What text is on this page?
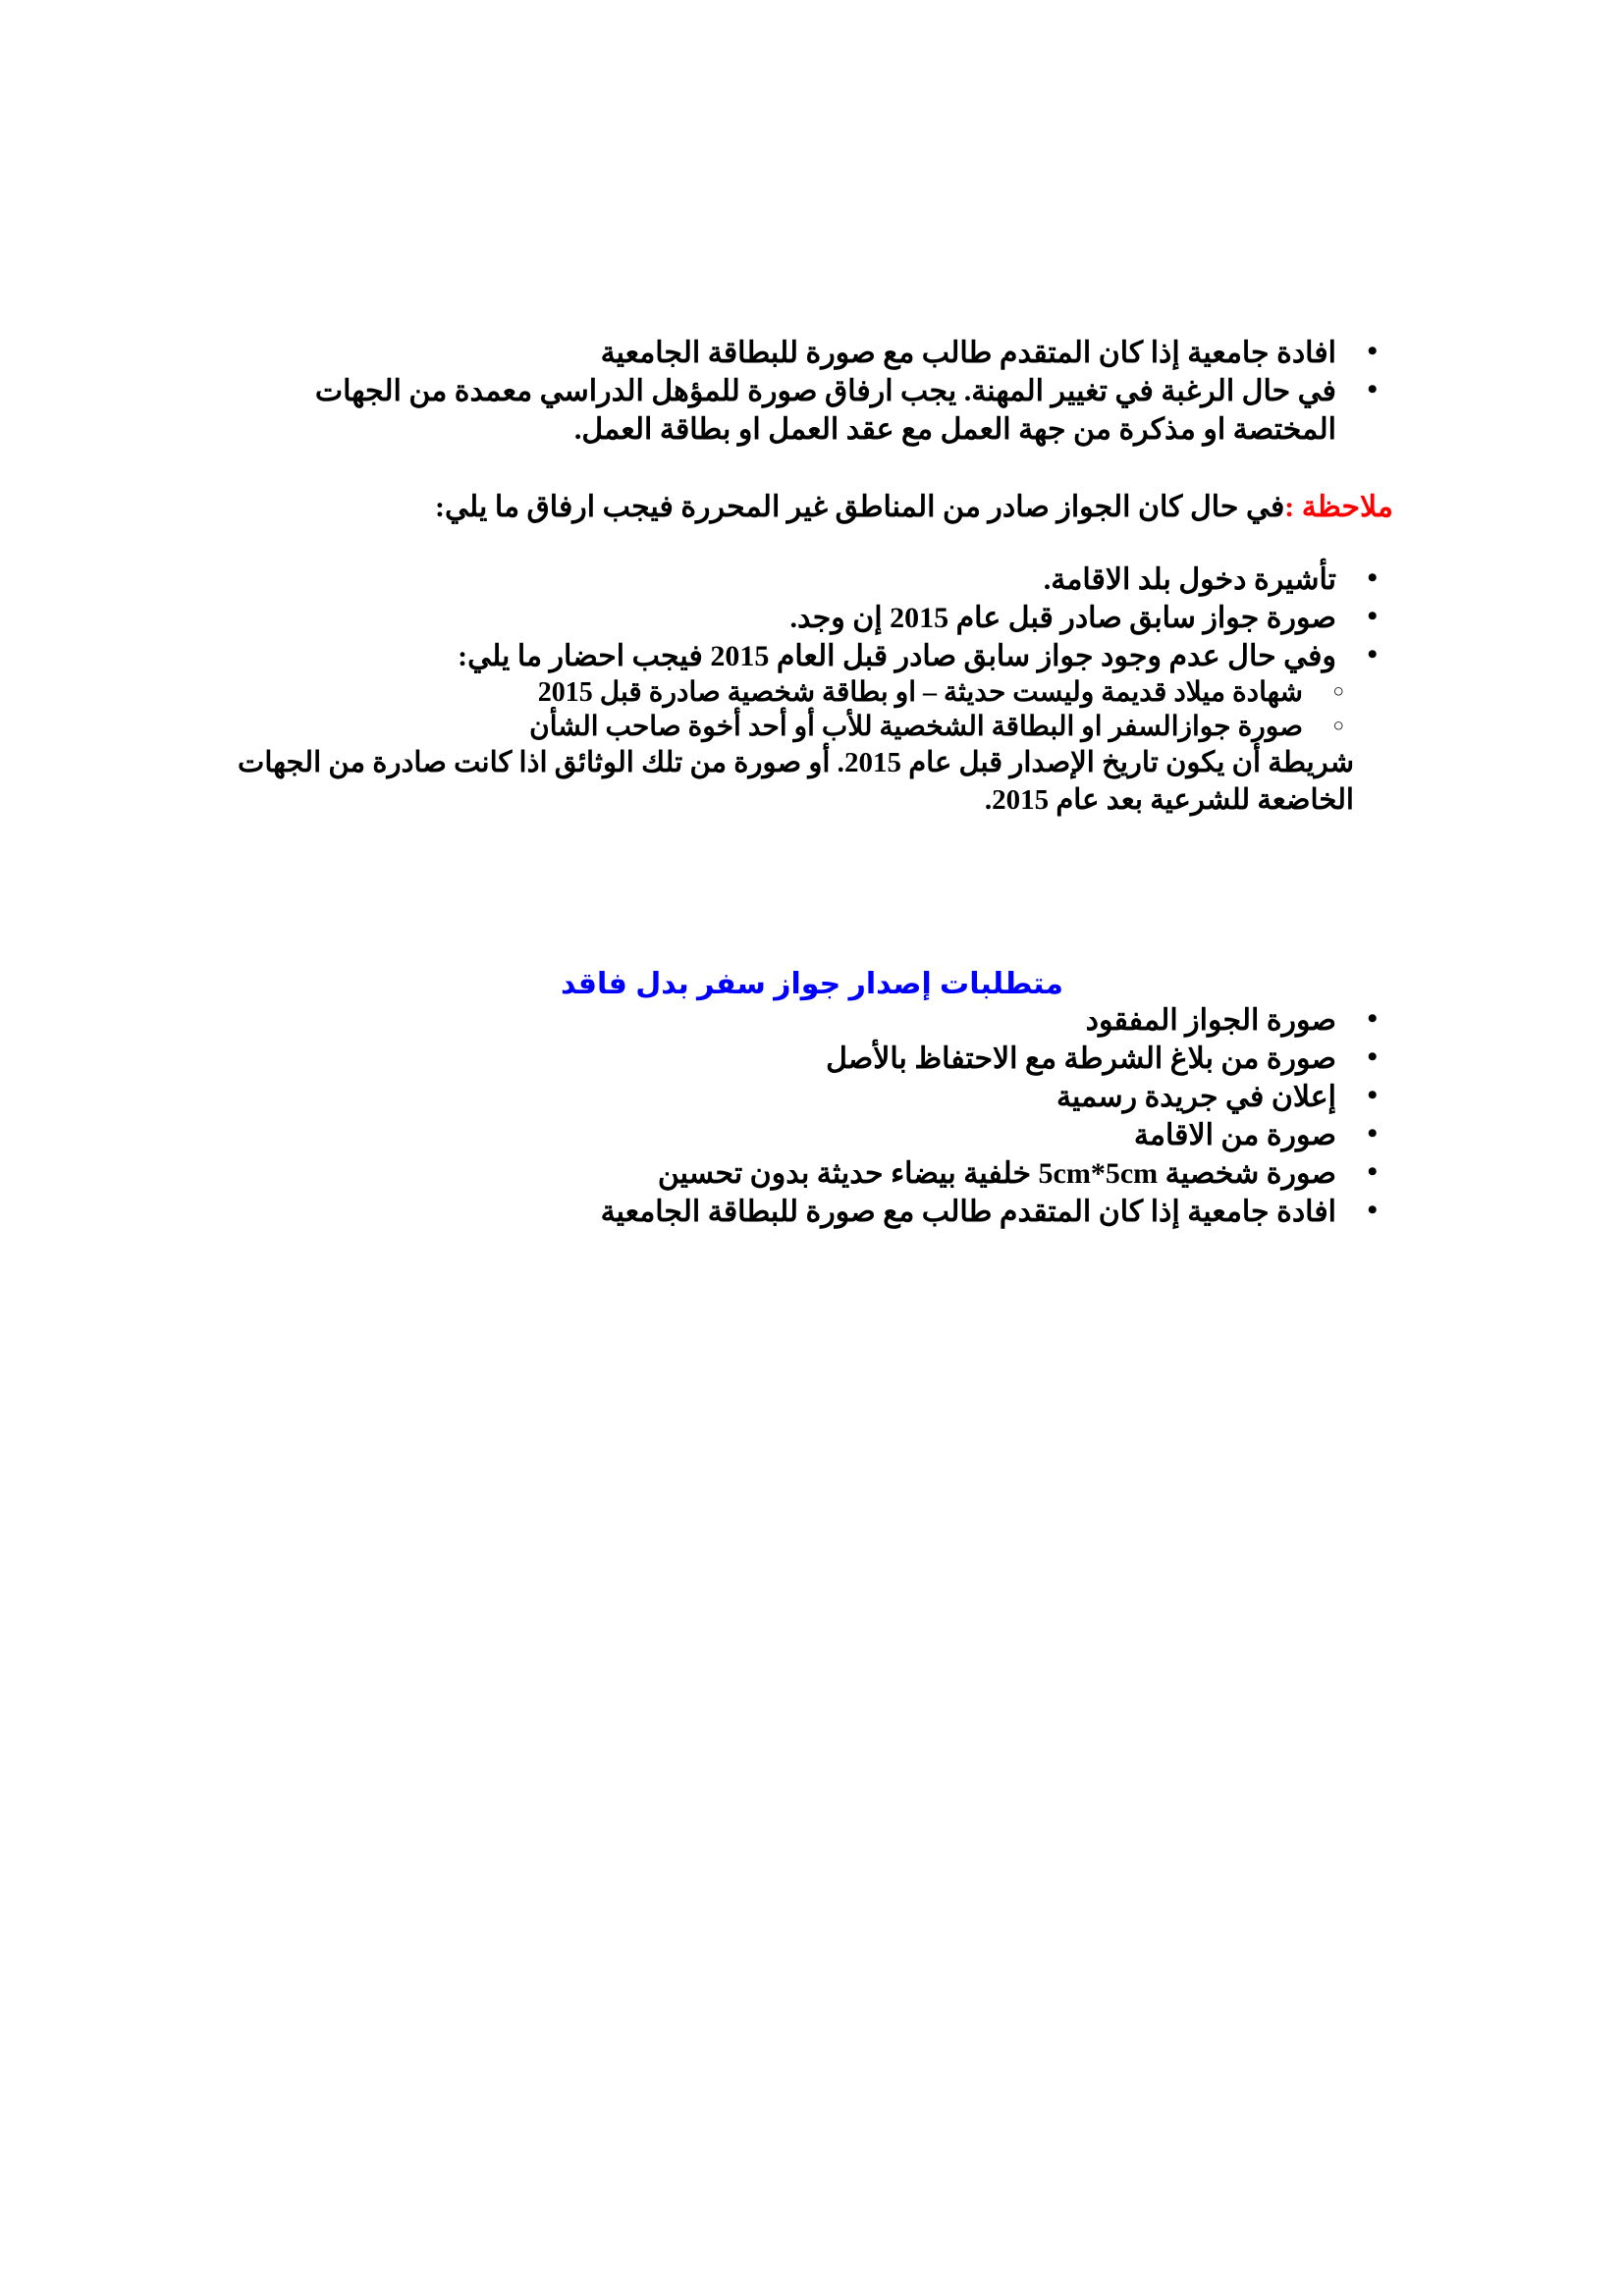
• افادة جامعية إذا كان المتقدم طالب مع صورة للبطاقة الجامعية
• في حال الرغبة في تغيير المهنة. يجب ارفاق صورة للمؤهل الدراسي معمدة من الجهات المختصة او مذكرة من جهة العمل مع عقد العمل او بطاقة العمل.
ملاحظة :في حال كان الجواز صادر من المناطق غير المحررة فيجب ارفاق ما يلي:
• تأشيرة دخول بلد الاقامة.
• صورة جواز سابق صادر قبل عام 2015 إن وجد.
• وفي حال عدم وجود جواز سابق صادر قبل العام 2015 فيجب احضار ما يلي:
○ شهادة ميلاد قديمة وليست حديثة – او بطاقة شخصية صادرة قبل 2015
○ صورة جوازالسفر او البطاقة الشخصية للأب أو أحد أخوة صاحب الشأن
شريطة أن يكون تاريخ الإصدار قبل عام 2015. أو صورة من تلك الوثائق اذا كانت صادرة من الجهات الخاضعة للشرعية بعد عام 2015.
متطلبات إصدار جواز سفر بدل فاقد
• صورة الجواز المفقود
• صورة من بلاغ الشرطة مع الاحتفاظ بالأصل
• إعلان في جريدة رسمية
• صورة من الاقامة
• صورة شخصية 5cm*5cm خلفية بيضاء حديثة بدون تحسين
• افادة جامعية إذا كان المتقدم طالب مع صورة للبطاقة الجامعية
